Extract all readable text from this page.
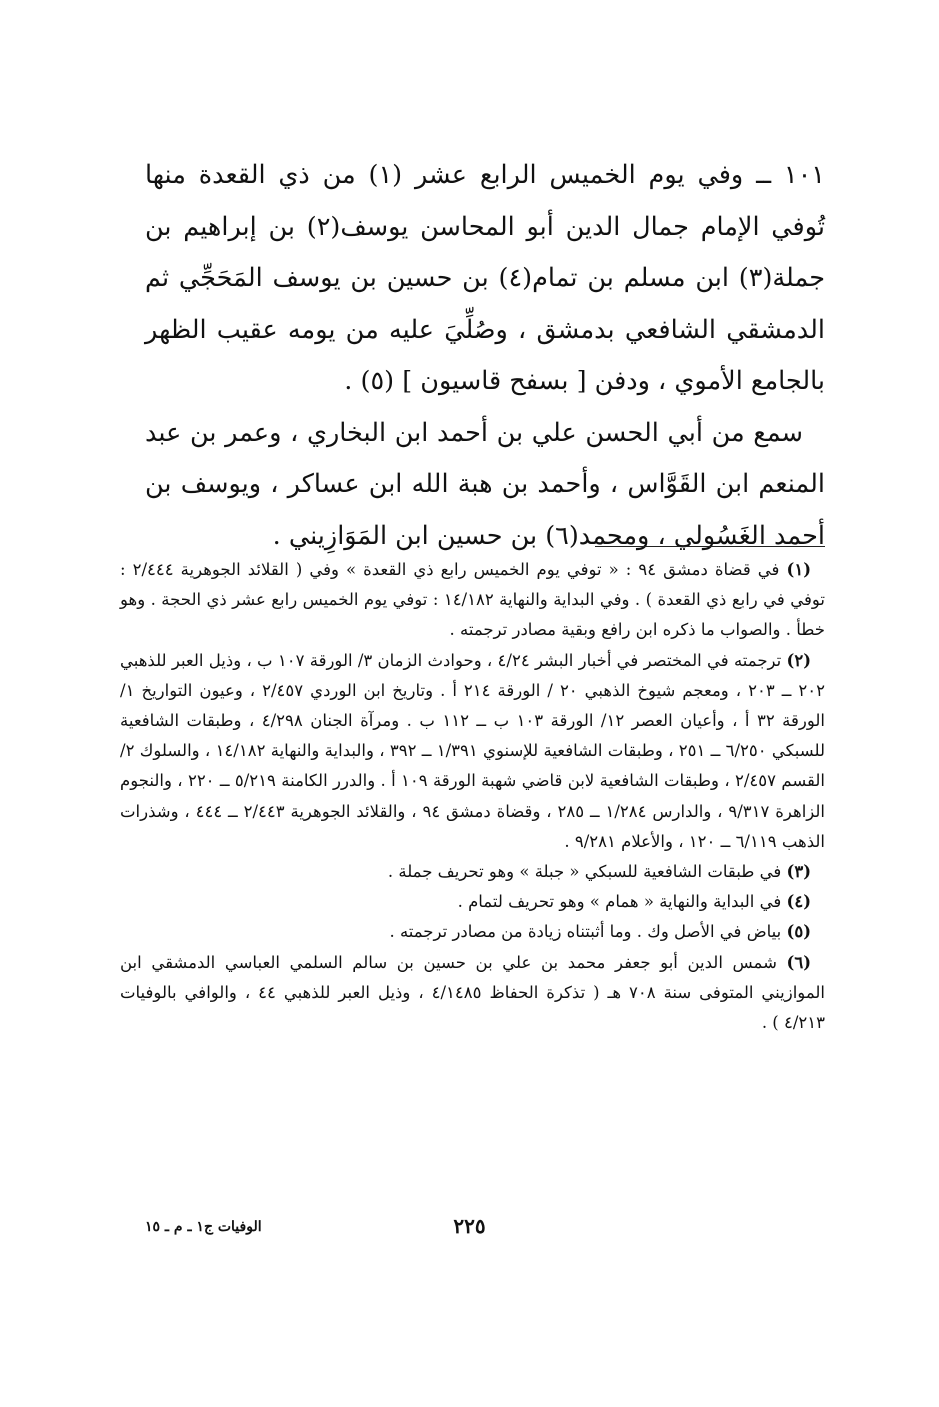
١٠١ ــ وفي يوم الخميس الرابع عشر (١) من ذي القعدة منها تُوفي الإمام جمال الدين أبو المحاسن يوسف(٢) بن إبراهيم بن جملة(٣) ابن مسلم بن تمام(٤) بن حسين بن يوسف المَحَجِّي ثم الدمشقي الشافعي بدمشق ، وصُلِّيَ عليه من يومه عقيب الظهر بالجامع الأموي ، ودفن [ بسفح قاسيون ] (٥) .

سمع من أبي الحسن علي بن أحمد ابن البخاري ، وعمر بن عبد المنعم ابن القَوَّاس ، وأحمد بن هبة الله ابن عساكر ، ويوسف بن أحمد الغَسُولي ، ومحمد(٦) بن حسين ابن المَوَازِيني .

(١) في قضاة دمشق ٩٤ : « توفي يوم الخميس رابع ذي القعدة » وفي ( القلائد الجوهرية ٢/٤٤٤ : توفي في رابع ذي القعدة ) . وفي البداية والنهاية ١٤/١٨٢ : توفي يوم الخميس رابع عشر ذي الحجة . وهو خطأ . والصواب ما ذكره ابن رافع وبقية مصادر ترجمته .

(٢) ترجمته في المختصر في أخبار البشر ٤/٢٤ ، وحوادث الزمان ٣/ الورقة ١٠٧ ب ، وذيل العبر للذهبي ٢٠٢ ــ ٢٠٣ ، ومعجم شيوخ الذهبي ٢٠ / الورقة ٢١٤ أ . وتاريخ ابن الوردي ٢/٤٥٧ ، وعيون التواريخ ١/ الورقة ٣٢ أ ، وأعيان العصر ١٢/ الورقة ١٠٣ ب ــ ١١٢ ب . ومرآة الجنان ٤/٢٩٨ ، وطبقات الشافعية للسبكي ٦/٢٥٠ ــ ٢٥١ ، وطبقات الشافعية للإسنوي ١/٣٩١ ــ ٣٩٢ ، والبداية والنهاية ١٤/١٨٢ ، والسلوك ٢/ القسم ٢/٤٥٧ ، وطبقات الشافعية لابن قاضي شهبة الورقة ١٠٩ أ . والدرر الكامنة ٥/٢١٩ ــ ٢٢٠ ، والنجوم الزاهرة ٩/٣١٧ ، والدارس ١/٢٨٤ ــ ٢٨٥ ، وقضاة دمشق ٩٤ ، والقلائد الجوهرية ٢/٤٤٣ ــ ٤٤٤ ، وشذرات الذهب ٦/١١٩ ــ ١٢٠ ، والأعلام ٩/٢٨١ .

(٣) في طبقات الشافعية للسبكي « جبلة » وهو تحريف جملة .

(٤) في البداية والنهاية « همام » وهو تحريف لتمام .

(٥) بياض في الأصل وك . وما أثبتناه زيادة من مصادر ترجمته .

(٦) شمس الدين أبو جعفر محمد بن علي بن حسين بن سالم السلمي العباسي الدمشقي ابن الموازيني المتوفى سنة ٧٠٨ هـ ( تذكرة الحفاظ ٤/١٤٨٥ ، وذيل العبر للذهبي ٤٤ ، والوافي بالوفيات ٤/٢١٣ ) .

٢٢٥
الوفيات ج١ ـ م ـ ١٥
